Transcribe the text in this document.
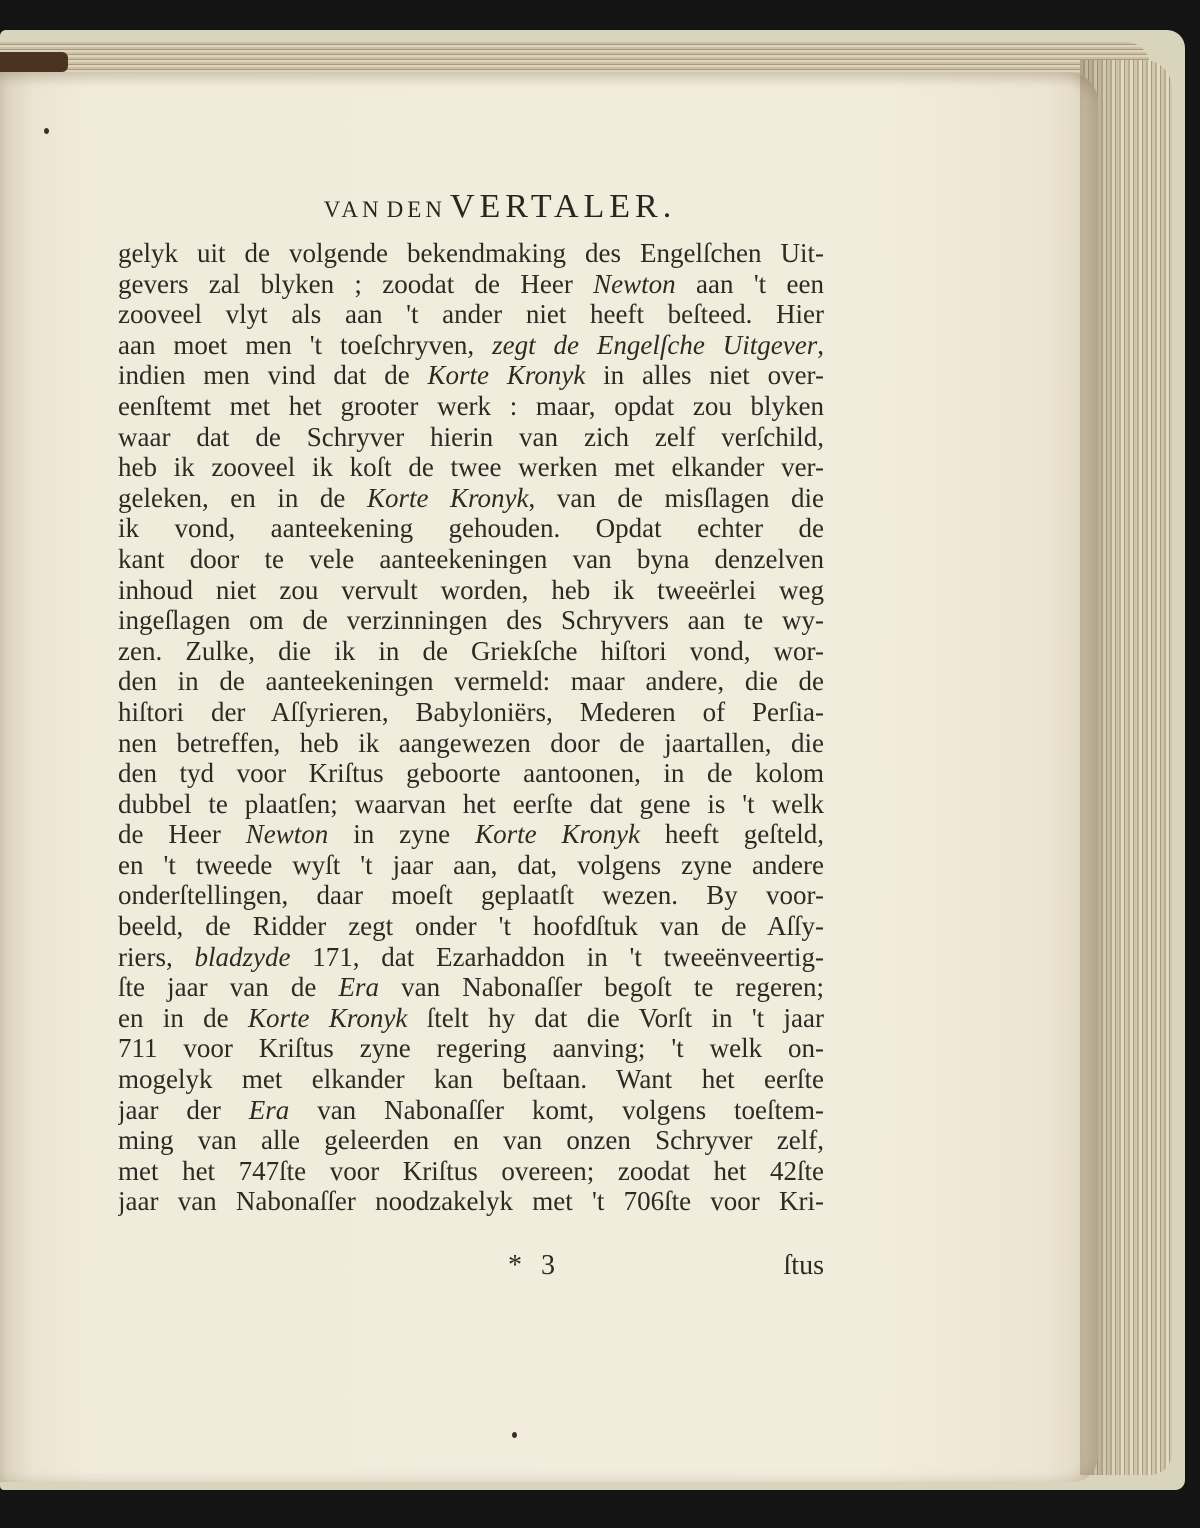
VAN DEN VERTALER.
gelyk uit de volgende bekendmaking des Engelſchen Uit-
gevers zal blyken ; zoodat de Heer Newton aan 't een
zooveel vlyt als aan 't ander niet heeft beſteed. Hier
aan moet men 't toeſchryven, zegt de Engelſche Uitgever,
indien men vind dat de Korte Kronyk in alles niet over-
eenſtemt met het grooter werk : maar, opdat zou blyken
waar dat de Schryver hierin van zich zelf verſchild,
heb ik zooveel ik koſt de twee werken met elkander ver-
geleken, en in de Korte Kronyk, van de misſlagen die
ik vond, aanteekening gehouden. Opdat echter de
kant door te vele aanteekeningen van byna denzelven
inhoud niet zou vervult worden, heb ik tweeërlei weg
ingeſlagen om de verzinningen des Schryvers aan te wy-
zen. Zulke, die ik in de Griekſche hiſtori vond, wor-
den in de aanteekeningen vermeld: maar andere, die de
hiſtori der Aſſyrieren, Babyloniërs, Mederen of Perſia-
nen betreffen, heb ik aangewezen door de jaartallen, die
den tyd voor Kriſtus geboorte aantoonen, in de kolom
dubbel te plaatſen; waarvan het eerſte dat gene is 't welk
de Heer Newton in zyne Korte Kronyk heeft geſteld,
en 't tweede wyſt 't jaar aan, dat, volgens zyne andere
onderſtellingen, daar moeſt geplaatſt wezen. By voor-
beeld, de Ridder zegt onder 't hoofdſtuk van de Aſſy-
riers, bladzyde 171, dat Ezarhaddon in 't tweeënveertig-
ſte jaar van de Era van Nabonaſſer begoſt te regeren;
en in de Korte Kronyk ſtelt hy dat die Vorſt in 't jaar
711 voor Kriſtus zyne regering aanving; 't welk on-
mogelyk met elkander kan beſtaan. Want het eerſte
jaar der Era van Nabonaſſer komt, volgens toeſtem-
ming van alle geleerden en van onzen Schryver zelf,
met het 747ſte voor Kriſtus overeen; zoodat het 42ſte
jaar van Nabonaſſer noodzakelyk met 't 706ſte voor Kri-
* 3	ſtus
